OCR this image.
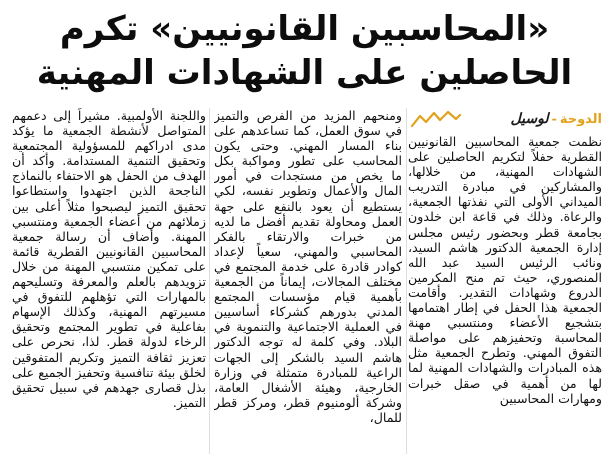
«المحاسبين القانونيين» تكرم
الحاصلين على الشهادات المهنية
الدوحة-لوسيل

نظمت جمعية المحاسبين القانونيين القطرية حفلاً لتكريم الحاصلين على الشهادات المهنية، من خلالها، والمشاركين في مبادرة التدريب الميداني الأولى التي نفذتها الجمعية، والرعاة. وذلك في قاعة ابن خلدون بجامعة قطر وبحضور رئيس مجلس إدارة الجمعية الدكتور هاشم السيد، ونائب الرئيس السيد عبد الله المنصوري، حيث تم منح المكرمين الدروع وشهادات التقدير. وأقامت الجمعية هذا الحفل في إطار اهتمامها بتشجيع الأعضاء ومنتسبي مهنة المحاسبة وتحفيزهم على مواصلة التفوق المهني. وتطرح الجمعية مثل هذه المبادرات والشهادات المهنية لما لها من أهمية في صقل خبرات ومهارات المحاسبين

ومنحهم المزيد من الفرص والتميز في سوق العمل، كما تساعدهم على بناء المسار المهني. وحتى يكون المحاسب على تطور ومواكبة بكل ما يخص من مستجدات في أمور المال والأعمال وتطوير نفسه، لكي يستطيع أن يعود بالنفع على جهة العمل ومحاولة تقديم أفضل ما لديه من خبرات والارتقاء بالفكر المحاسبي والمهني، سعياً لإعداد كوادر قادرة على خدمة المجتمع في مختلف المجالات، إيماناً من الجمعية بأهمية قيام مؤسسات المجتمع المدني بدورهم كشركاء أساسيين في العملية الاجتماعية والتنموية في البلاد. وفي كلمة له توجه الدكتور هاشم السيد بالشكر إلى الجهات الراعية للمبادرة متمثلة في وزارة الخارجية، وهيئة الأشغال العامة، وشركة ألومنيوم قطر، ومركز قطر للمال،

واللجنة الأولمبية. مشيراً إلى دعمهم المتواصل لأنشطة الجمعية ما يؤكد مدى ادراكهم للمسؤولية المجتمعية وتحقيق التنمية المستدامة. وأكد أن الهدف من الحفل هو الاحتفاء بالنماذج الناجحة الذين اجتهدوا واستطاعوا تحقيق التميز ليصبحوا مثلاً أعلى بين زملائهم من أعضاء الجمعية ومنتسبي المهنة. وأضاف أن رسالة جمعية المحاسبين القانونيين القطرية قائمة على تمكين منتسبي المهنة من خلال تزويدهم بالعلم والمعرفة وتسليحهم بالمهارات التي تؤهلهم للتفوق في مسيرتهم المهنية، وكذلك الإسهام بفاعلية في تطوير المجتمع وتحقيق الرخاء لدولة قطر. لذا، نحرص على تعزيز ثقافة التميز وتكريم المتفوقين لخلق بيئة تنافسية وتحفيز الجميع على بذل قصارى جهدهم في سبيل تحقيق التميز.
